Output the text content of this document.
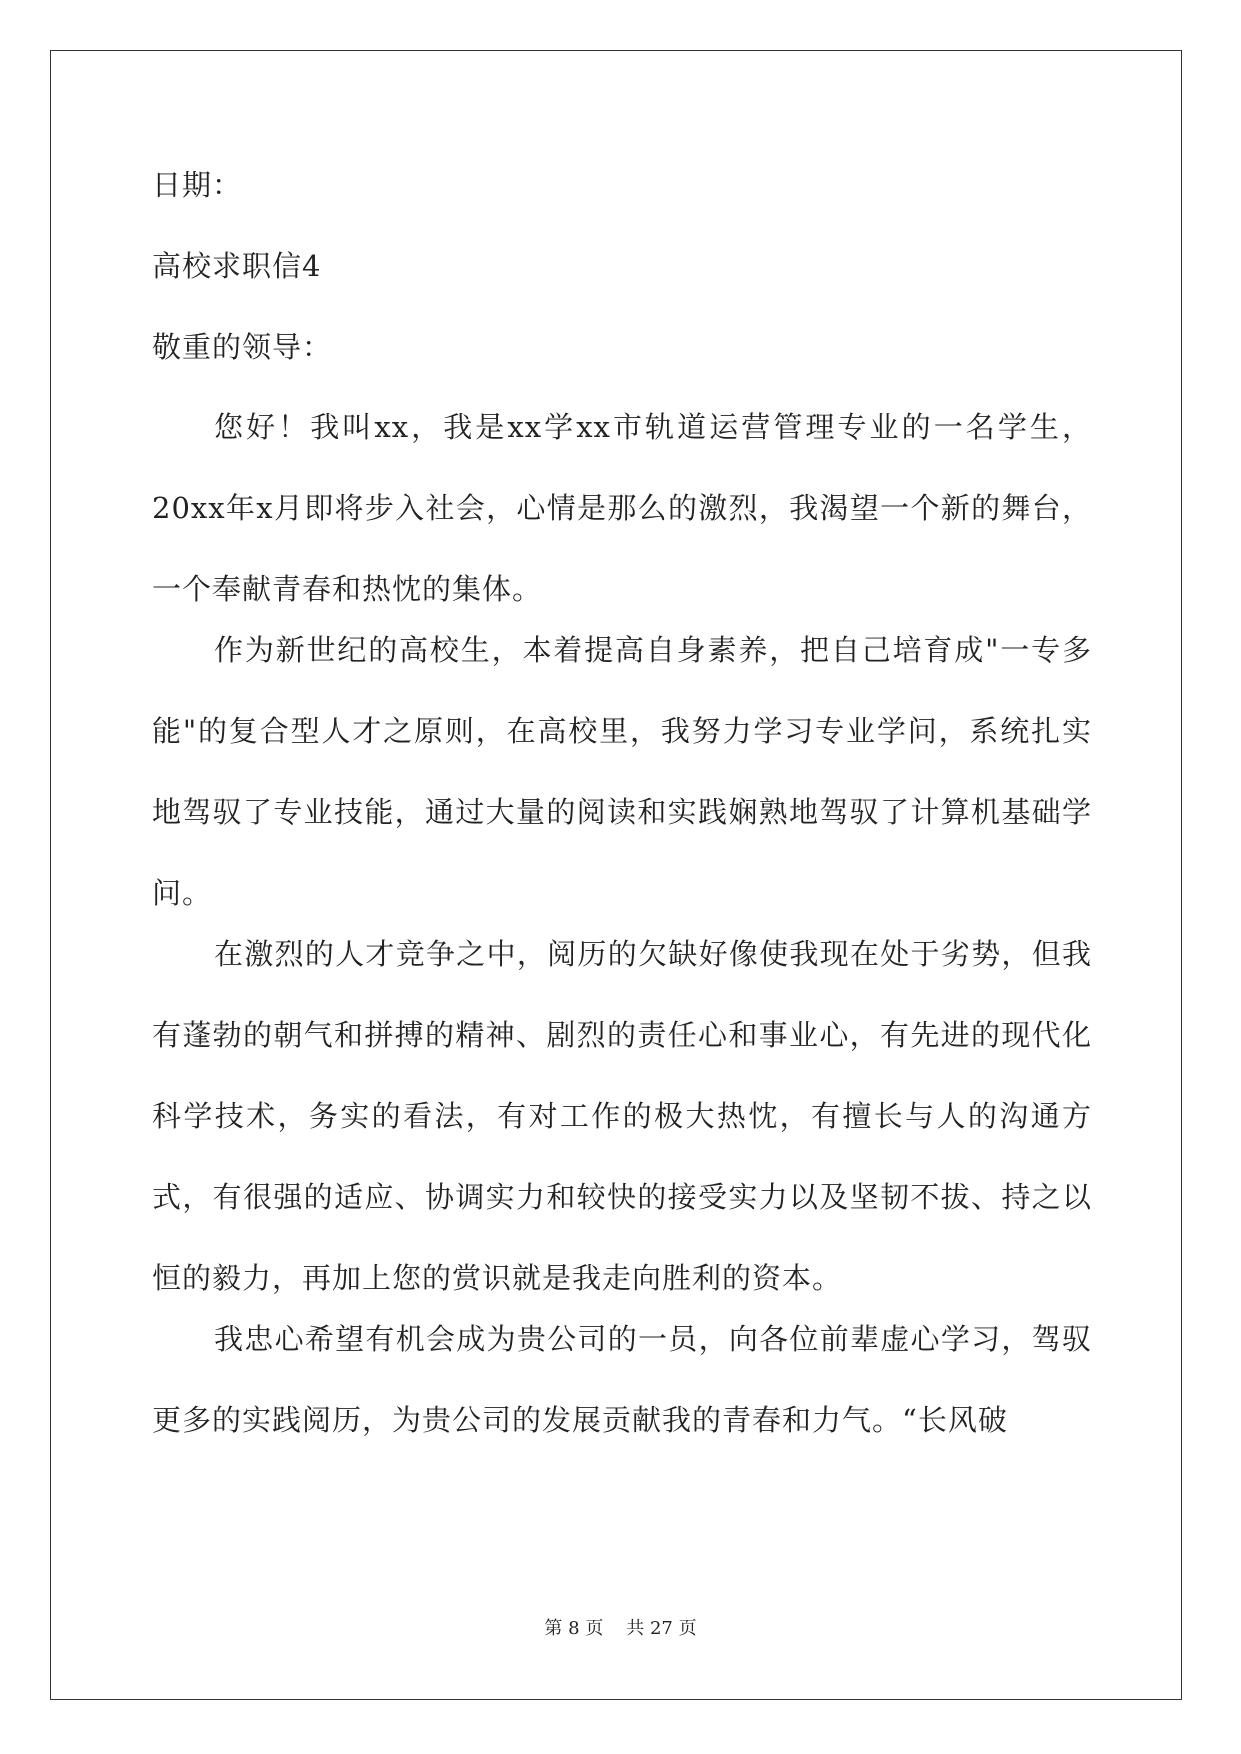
日期：
高校求职信4
敬重的领导：

您好！我叫xx，我是xx学xx市轨道运营管理专业的一名学生，20xx年x月即将步入社会，心情是那么的激烈，我渴望一个新的舞台，一个奉献青春和热忱的集体。

作为新世纪的高校生，本着提高自身素养，把自己培育成"一专多能"的复合型人才之原则，在高校里，我努力学习专业学问，系统扎实地驾驭了专业技能，通过大量的阅读和实践娴熟地驾驭了计算机基础学问。

在激烈的人才竞争之中，阅历的欠缺好像使我现在处于劣势，但我有蓬勃的朝气和拼搏的精神、剧烈的责任心和事业心，有先进的现代化科学技术，务实的看法，有对工作的极大热忱，有擅长与人的沟通方式，有很强的适应、协调实力和较快的接受实力以及坚韧不拔、持之以恒的毅力，再加上您的赏识就是我走向胜利的资本。

我忠心希望有机会成为贵公司的一员，向各位前辈虚心学习，驾驭更多的实践阅历，为贵公司的发展贡献我的青春和力气。“长风破

第 8 页 共 27 页
